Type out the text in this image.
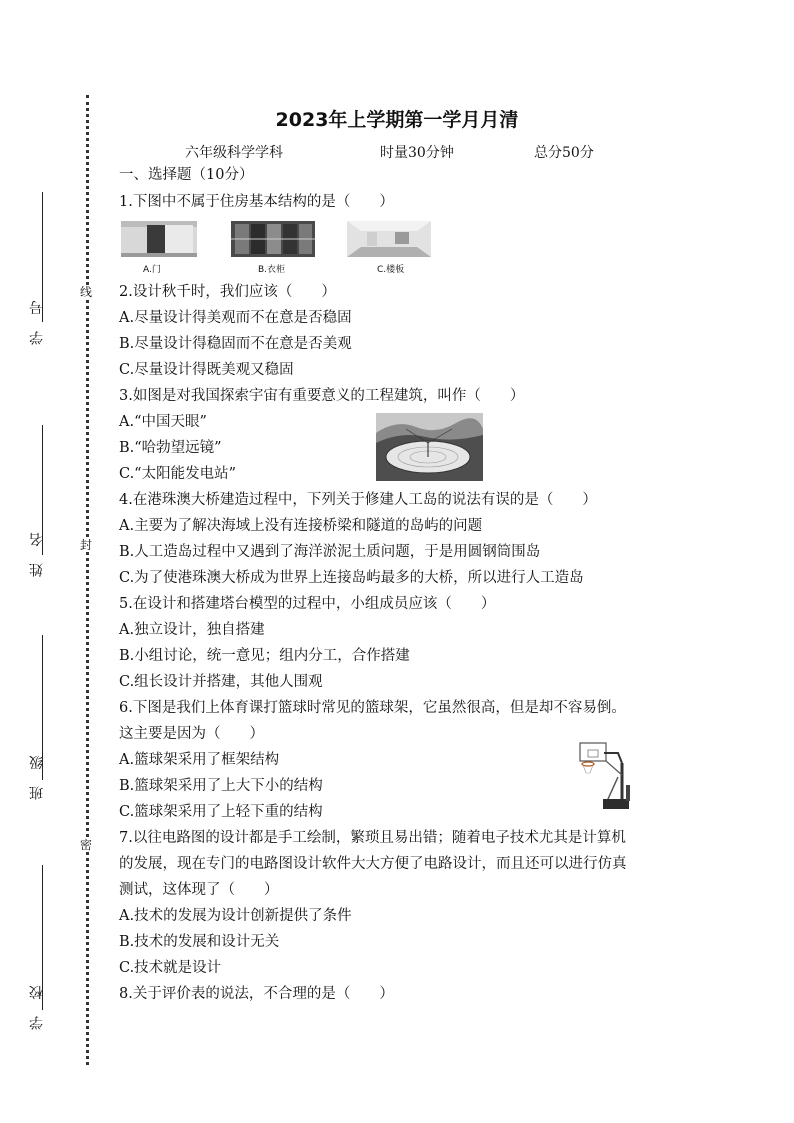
学 号
姓 名
班 级
学 校
线
封
密
2023年上学期第一学月月清
六年级科学学科	时量30分钟	总分50分
一、选择题（10分）
1.下图中不属于住房基本结构的是（　　）
A.门	B.衣柜	C.楼板
2.设计秋千时，我们应该（　　）
A.尽量设计得美观而不在意是否稳固
B.尽量设计得稳固而不在意是否美观
C.尽量设计得既美观又稳固
3.如图是对我国探索宇宙有重要意义的工程建筑，叫作（　　）
A.“中国天眼”
B.“哈勃望远镜”
C.“太阳能发电站”
4.在港珠澳大桥建造过程中，下列关于修建人工岛的说法有误的是（　　）
A.主要为了解决海域上没有连接桥梁和隧道的岛屿的问题
B.人工造岛过程中又遇到了海洋淤泥土质问题，于是用圆钢筒围岛
C.为了使港珠澳大桥成为世界上连接岛屿最多的大桥，所以进行人工造岛
5.在设计和搭建塔台模型的过程中，小组成员应该（　　）
A.独立设计，独自搭建
B.小组讨论，统一意见；组内分工，合作搭建
C.组长设计并搭建，其他人围观
6.下图是我们上体育课打篮球时常见的篮球架，它虽然很高，但是却不容易倒。
这主要是因为（　　）
A.篮球架采用了框架结构
B.篮球架采用了上大下小的结构
C.篮球架采用了上轻下重的结构
7.以往电路图的设计都是手工绘制，繁琐且易出错；随着电子技术尤其是计算机
的发展，现在专门的电路图设计软件大大方便了电路设计，而且还可以进行仿真
测试，这体现了（　　）
A.技术的发展为设计创新提供了条件
B.技术的发展和设计无关
C.技术就是设计
8.关于评价表的说法，不合理的是（　　）
